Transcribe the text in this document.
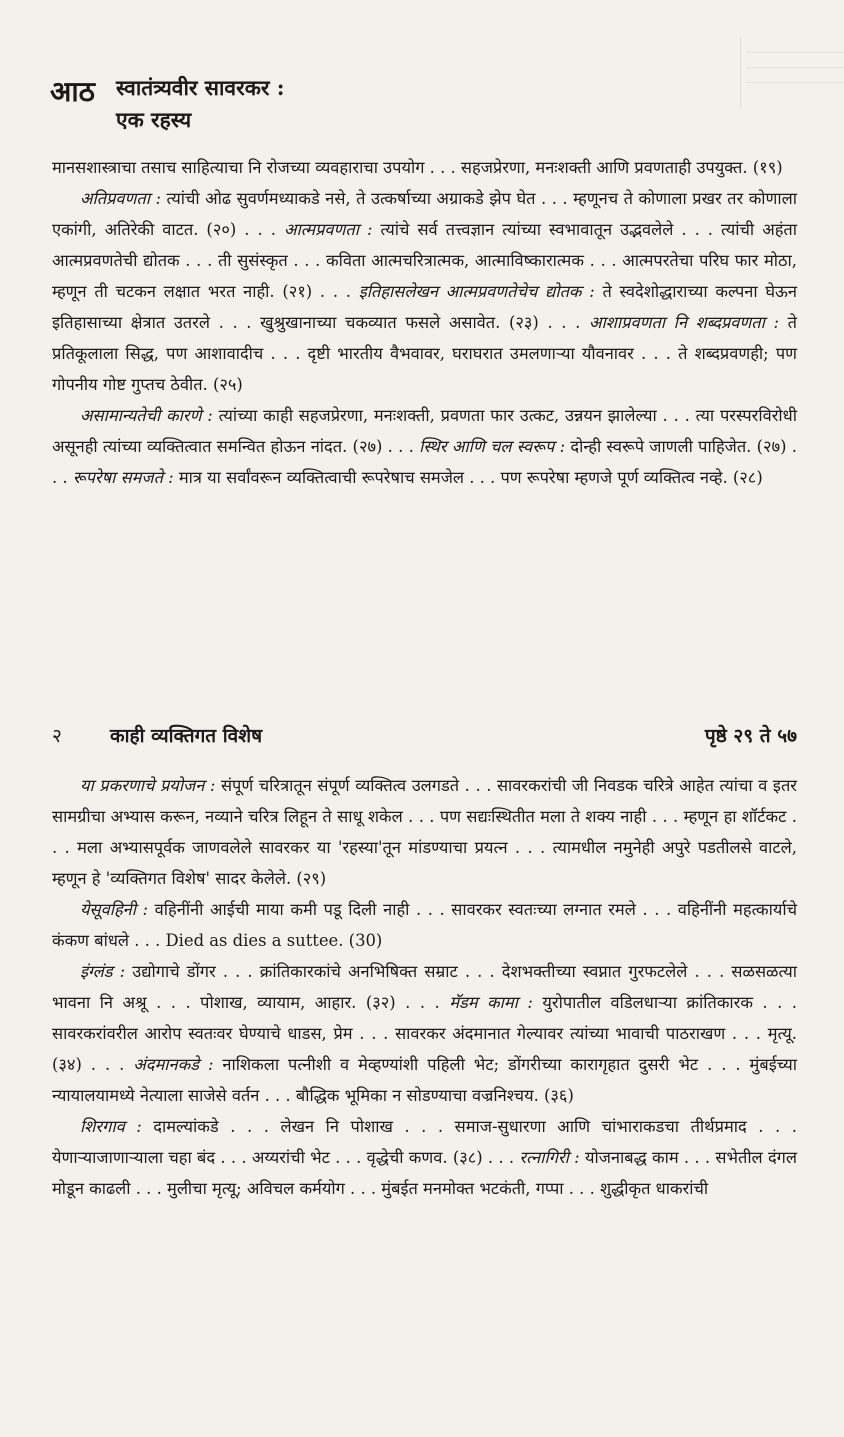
आठ स्वातंत्र्यवीर सावरकर :
एक रहस्य

मानसशास्त्राचा तसाच साहित्याचा नि रोजच्या व्यवहाराचा उपयोग . . . सहजप्रेरणा, मनःशक्ती आणि प्रवणताही उपयुक्त. (१९)

अतिप्रवणता : त्यांची ओढ सुवर्णमध्याकडे नसे, ते उत्कर्षाच्या अग्राकडे झेप घेत . . . म्हणूनच ते कोणाला प्रखर तर कोणाला एकांगी, अतिरेकी वाटत. (२०) . . . आत्मप्रवणता : त्यांचे सर्व तत्त्वज्ञान त्यांच्या स्वभावातून उद्भवलेले . . . त्यांची अहंता आत्मप्रवणतेची द्योतक . . . ती सुसंस्कृत . . . कविता आत्मचरित्रात्मक, आत्माविष्कारात्मक . . . आत्मपरतेचा परिघ फार मोठा, म्हणून ती चटकन लक्षात भरत नाही. (२१) . . . इतिहासलेखन आत्मप्रवणतेचेच द्योतक : ते स्वदेशोद्धाराच्या कल्पना घेऊन इतिहासाच्या क्षेत्रात उतरले . . . खुश्रुखानाच्या चकव्यात फसले असावेत. (२३) . . . आशाप्रवणता नि शब्दप्रवणता : ते प्रतिकूलाला सिद्ध, पण आशावादीच . . . दृष्टी भारतीय वैभवावर, घराघरात उमलणाऱ्या यौवनावर . . . ते शब्दप्रवणही; पण गोपनीय गोष्ट गुप्तच ठेवीत. (२५)

असामान्यतेची कारणे : त्यांच्या काही सहजप्रेरणा, मनःशक्ती, प्रवणता फार उत्कट, उन्नयन झालेल्या . . . त्या परस्परविरोधी असूनही त्यांच्या व्यक्तित्वात समन्वित होऊन नांदत. (२७) . . . स्थिर आणि चल स्वरूप : दोन्ही स्वरूपे जाणली पाहिजेत. (२७) . . . रूपरेषा समजते : मात्र या सर्वांवरून व्यक्तित्वाची रूपरेषाच समजेल . . . पण रूपरेषा म्हणजे पूर्ण व्यक्तित्व नव्हे. (२८)

२	काही व्यक्तिगत विशेष	पृष्ठे २९ ते ५७

या प्रकरणाचे प्रयोजन : संपूर्ण चरित्रातून संपूर्ण व्यक्तित्व उलगडते . . . सावरकरांची जी निवडक चरित्रे आहेत त्यांचा व इतर सामग्रीचा अभ्यास करून, नव्याने चरित्र लिहून ते साधू शकेल . . . पण सद्यःस्थितीत मला ते शक्य नाही . . . म्हणून हा शॉर्टकट . . . मला अभ्यासपूर्वक जाणवलेले सावरकर या 'रहस्या'तून मांडण्याचा प्रयत्न . . . त्यामधील नमुनेही अपुरे पडतीलसे वाटले, म्हणून हे 'व्यक्तिगत विशेष' सादर केलेले. (२९)

येसूवहिनी : वहिनींनी आईची माया कमी पडू दिली नाही . . . सावरकर स्वतःच्या लग्नात रमले . . . वहिनींनी महत्कार्याचे कंकण बांधले . . . Died as dies a suttee. (30)

इंग्लंड : उद्योगाचे डोंगर . . . क्रांतिकारकांचे अनभिषिक्त सम्राट . . . देशभक्तीच्या स्वप्नात गुरफटलेले . . . सळसळत्या भावना नि अश्रू . . . पोशाख, व्यायाम, आहार. (३२) . . . मॅडम कामा : युरोपातील वडिलधाऱ्या क्रांतिकारक . . . सावरकरांवरील आरोप स्वतःवर घेण्याचे धाडस, प्रेम . . . सावरकर अंदमानात गेल्यावर त्यांच्या भावाची पाठराखण . . . मृत्यू. (३४) . . . अंदमानकडे : नाशिकला पत्नीशी व मेव्हण्यांशी पहिली भेट; डोंगरीच्या कारागृहात दुसरी भेट . . . मुंबईच्या न्यायालयामध्ये नेत्याला साजेसे वर्तन . . . बौद्धिक भूमिका न सोडण्याचा वज्रनिश्चय. (३६)

शिरगाव : दामल्यांकडे . . . लेखन नि पोशाख . . . समाज-सुधारणा आणि चांभाराकडचा तीर्थप्रमाद . . . येणाऱ्याजाणाऱ्याला चहा बंद . . . अय्यरांची भेट . . . वृद्धेची कणव. (३८) . . . रत्नागिरी : योजनाबद्ध काम . . . सभेतील दंगल मोडून काढली . . . मुलीचा मृत्यू; अविचल कर्मयोग . . . मुंबईत मनमोक्त भटकंती, गप्पा . . . शुद्धीकृत धाकरांची
